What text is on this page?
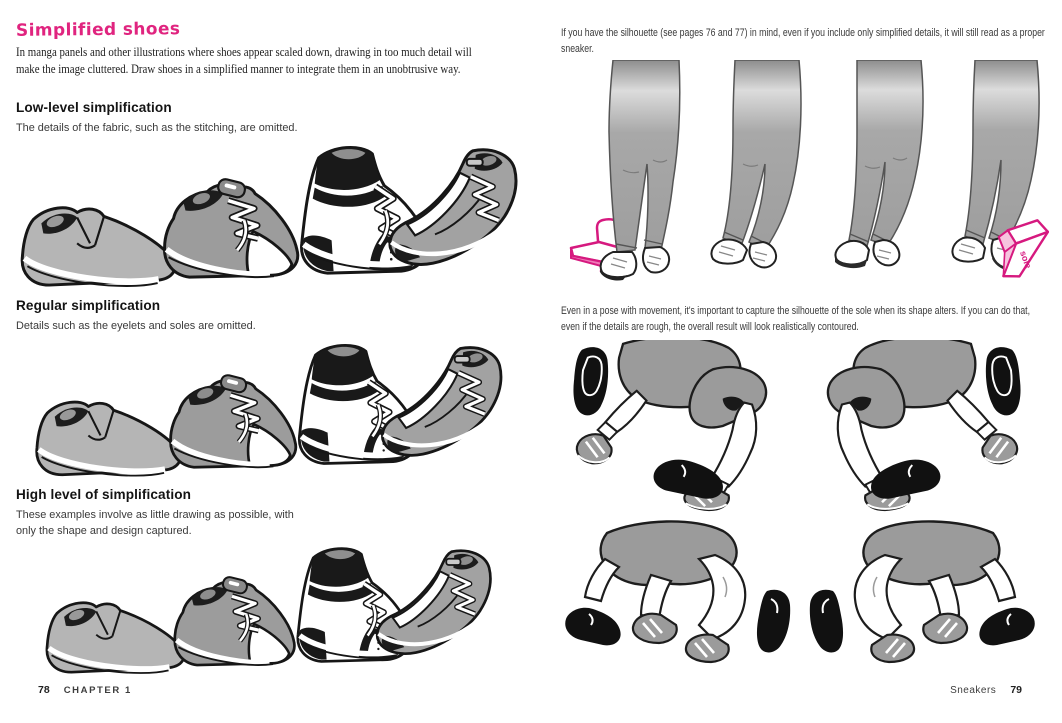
Simplified shoes
In manga panels and other illustrations where shoes appear scaled down, drawing in too much detail will make the image cluttered. Draw shoes in a simplified manner to integrate them in an unobtrusive way.
Low-level simplification
The details of the fabric, such as the stitching, are omitted.
Regular simplification
Details such as the eyelets and soles are omitted.
High level of simplification
These examples involve as little drawing as possible, with only the shape and design captured.
78 CHAPTER 1
If you have the silhouette (see pages 76 and 77) in mind, even if you include only simplified details, it will still read as a proper sneaker.
sole
Even in a pose with movement, it's important to capture the silhouette of the sole when its shape alters. If you can do that, even if the details are rough, the overall result will look realistically contoured.
Sneakers 79
